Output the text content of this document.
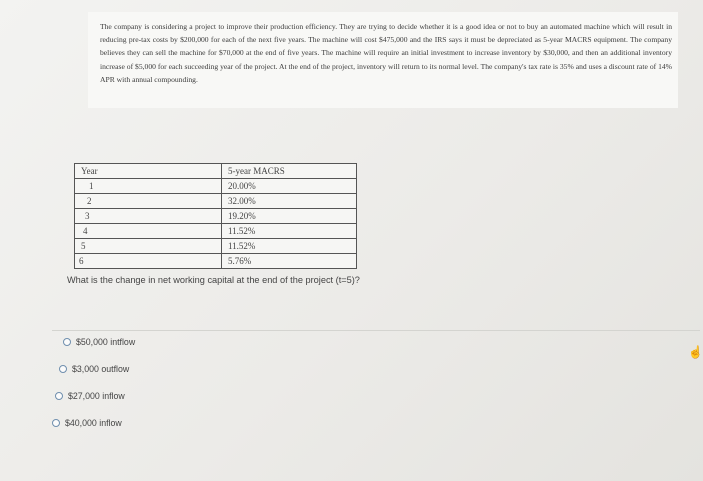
The company is considering a project to improve their production efficiency. They are trying to decide whether it is a good idea or not to buy an automated machine which will result in reducing pre-tax costs by $200,000 for each of the next five years. The machine will cost $475,000 and the IRS says it must be depreciated as 5-year MACRS equipment. The company believes they can sell the machine for $70,000 at the end of five years. The machine will require an initial investment to increase inventory by $30,000, and then an additional inventory increase of $5,000 for each succeeding year of the project. At the end of the project, inventory will return to its normal level. The company's tax rate is 35% and uses a discount rate of 14% APR with annual compounding.

Year	5-year MACRS
1	20.00%
2	32.00%
3	19.20%
4	11.52%
5	11.52%
6	5.76%

What is the change in net working capital at the end of the project (t=5)?

$50,000 intflow
$3,000 outflow
$27,000 inflow
$40,000 inflow
☝
